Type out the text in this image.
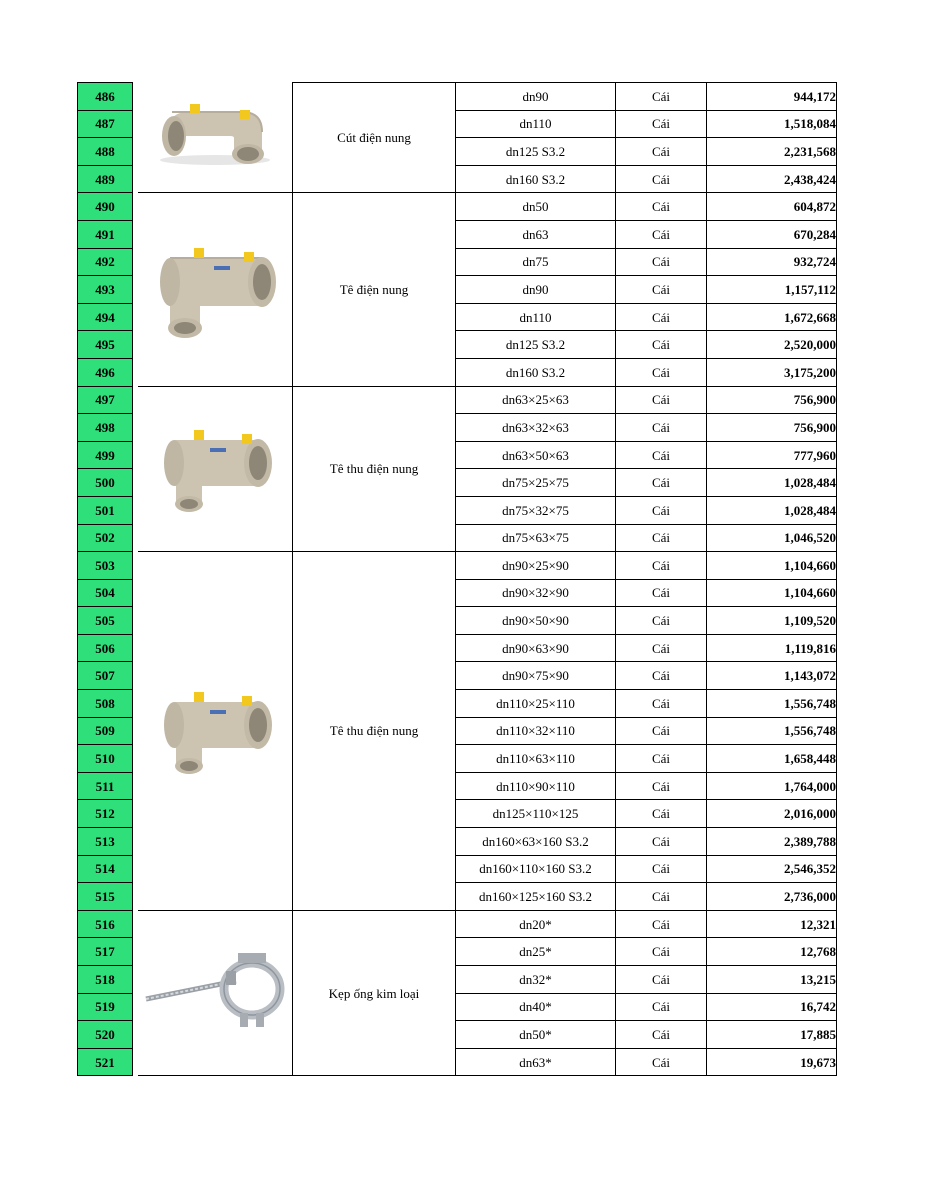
486			Cút điện nung	dn90	Cái	944,172
487				dn110	Cái	1,518,084
488				dn125 S3.2	Cái	2,231,568
489				dn160 S3.2	Cái	2,438,424
490			Tê điện nung	dn50	Cái	604,872
491				dn63	Cái	670,284
492				dn75	Cái	932,724
493				dn90	Cái	1,157,112
494				dn110	Cái	1,672,668
495				dn125 S3.2	Cái	2,520,000
496				dn160 S3.2	Cái	3,175,200
497			Tê thu điện nung	dn63×25×63	Cái	756,900
498				dn63×32×63	Cái	756,900
499				dn63×50×63	Cái	777,960
500				dn75×25×75	Cái	1,028,484
501				dn75×32×75	Cái	1,028,484
502				dn75×63×75	Cái	1,046,520
503			Tê thu điện nung	dn90×25×90	Cái	1,104,660
504				dn90×32×90	Cái	1,104,660
505				dn90×50×90	Cái	1,109,520
506				dn90×63×90	Cái	1,119,816
507				dn90×75×90	Cái	1,143,072
508				dn110×25×110	Cái	1,556,748
509				dn110×32×110	Cái	1,556,748
510				dn110×63×110	Cái	1,658,448
511				dn110×90×110	Cái	1,764,000
512				dn125×110×125	Cái	2,016,000
513				dn160×63×160 S3.2	Cái	2,389,788
514				dn160×110×160 S3.2	Cái	2,546,352
515				dn160×125×160 S3.2	Cái	2,736,000
516			Kẹp ống kim loại	dn20*	Cái	12,321
517				dn25*	Cái	12,768
518				dn32*	Cái	13,215
519				dn40*	Cái	16,742
520				dn50*	Cái	17,885
521				dn63*	Cái	19,673
